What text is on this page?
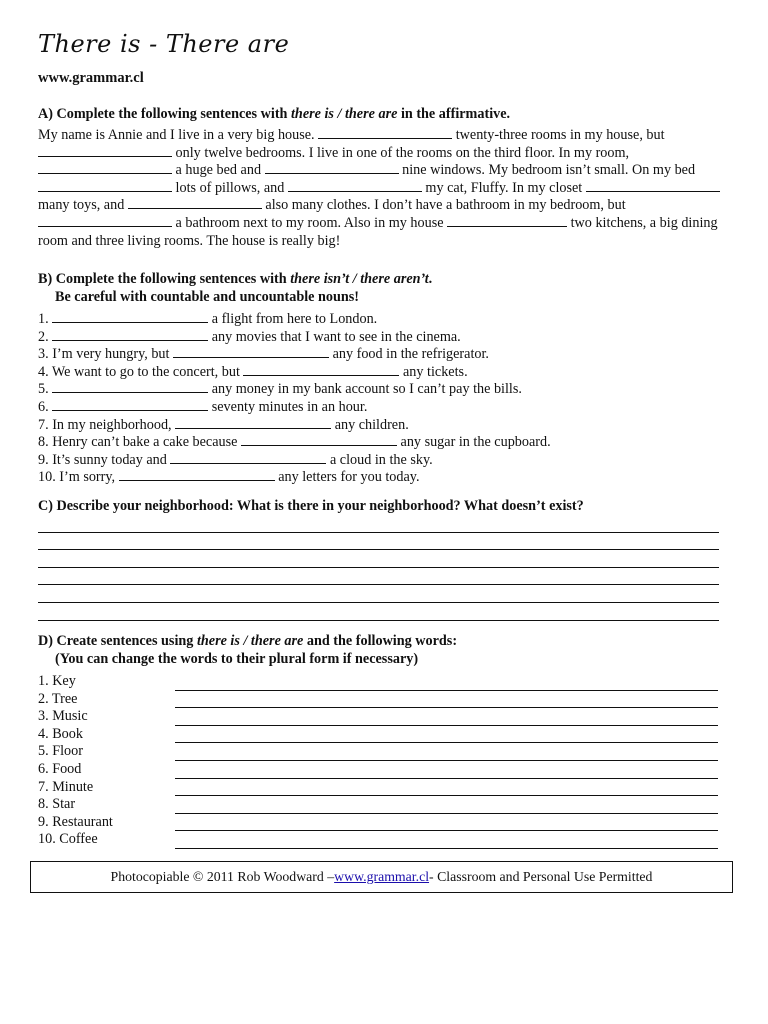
There is - There are
www.grammar.cl
A) Complete the following sentences with there is / there are in the affirmative.
My name is Annie and I live in a very big house.	twenty-three rooms in my house, but  only twelve bedrooms. I live in one of the rooms on the third floor. In my room,  a huge bed and	nine windows. My bedroom isn’t small. On my bed  lots of pillows, and	my cat, Fluffy. In my closet  many toys, and	also many clothes. I don’t have a bathroom in my bedroom, but  a bathroom next to my room. Also in my house	two kitchens, a big dining room and three living rooms. The house is really big!
B) Complete the following sentences with there isn’t / there aren’t.
Be careful with countable and uncountable nouns!
1.	a flight from here to London.
2.	any movies that I want to see in the cinema.
3. I’m very hungry, but	any food in the refrigerator.
4. We want to go to the concert, but	any tickets.
5.	any money in my bank account so I can’t pay the bills.
6.	seventy minutes in an hour.
7. In my neighborhood,	any children.
8. Henry can’t bake a cake because	any sugar in the cupboard.
9. It’s sunny today and	a cloud in the sky.
10. I’m sorry,	any letters for you today.
C) Describe your neighborhood: What is there in your neighborhood? What doesn’t exist?
D) Create sentences using there is / there are and the following words:
(You can change the words to their plural form if necessary)
1. Key
2. Tree
3. Music
4. Book
5. Floor
6. Food
7. Minute
8. Star
9. Restaurant
10. Coffee
Photocopiable © 2011 Rob Woodward – www.grammar.cl - Classroom and Personal Use Permitted
